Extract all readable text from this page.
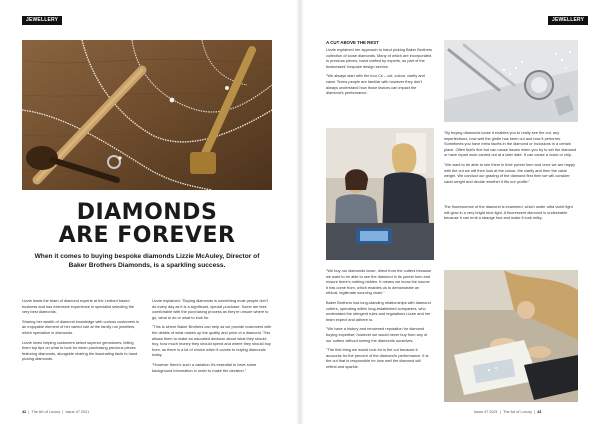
JEWELLERY
DIAMONDS
ARE FOREVER
When it comes to buying bespoke diamonds Lizzie McAuley, Director of Baker Brothers Diamonds, is a sparkling success.

Lizzie leads the team of diamond experts at the Ledford based business and has extensive experience in specialist selecting the very best diamonds.

Sharing her wealth of diamond knowledge with curious customers is an enjoyable element of her varied role at the family run jewellers, which specialise in diamonds.

Lizzie loves helping customers select superior gemstones, telling them top tips on what to look for when purchasing precious pieces featuring diamonds, alongside sharing the fascinating facts to hand picking diamonds.

Lizzie explained: "Buying diamonds is something most people don't do every day as it is a significant, special purchase. Some are less comfortable with the purchasing process as they're unsure where to go, what to do or what to look for.

"This is where Baker Brothers can help as we provide customers with the details of what makes up the quality and price of a diamond. This allows them to make an educated decision about what they should buy, how much money they should spend and where they should buy from, as there is a lot of choice when it comes to buying diamonds today.

"However there's such a variation it's essential to have some background information in order to make the decision."

42  |  The Art of Luxury  |  Issue 47 2021
JEWELLERY
A CUT ABOVE THE REST

Lizzie explained her approach to hand picking Baker Brothers collection of loose diamonds. Many of which are incorporated in precious pieces, hand crafted by experts, as part of the businesses' bespoke design service.

"We always start with the four Cs – cut, colour, clarity and carat. Terms people are familiar with however they don't always understand how those factors can impact the diamond's performance.

"By buying diamonds loose it enables you to really see the cut, any imperfections, how well the girdle has been cut and how it performs. Sometimes you have extra facets in the diamond or inclusions in a certain place. Often that's fine but can cause issues when you try to set the diamond or have repair work carried out at a later date. It can cause a crack or chip.

"We want to be able to see them in their purest form and once we are happy with the cut we will then look at the colour, the clarity and then the carat weight. We conduct our grading of the diamond first then we will consider carat weight and decide whether it fits our profile."

The fluorescence of the diamond is examined, which under ultra violet light will glow in a very bright blue light. A fluorescent diamond is undesirable because it can emit a strange hue and make it look milky.

"We buy our diamonds loose, direct from the cutters because we want to be able to see the diamond in its purest form and ensure there's nothing hidden. It means we know the source it has come from, which enables us to demonstrate an ethical, legitimate sourcing chain."

Baker Brothers has long-standing relationships with diamond cutters, operating within long-established companies, who understand the stringent rules and regulations Lizzie and her team expect and adhere to.

"We have a history and renowned reputation for diamond buying expertise; however we would never buy from any of our cutters without seeing the diamonds ourselves.

"The first thing we would look for is the cut because it accounts for the percent of the diamond's performance. It is the cut that is responsible for how well the diamond will reflect and sparkle.

Issue 47 2021  |  The Art of Luxury  |  43
